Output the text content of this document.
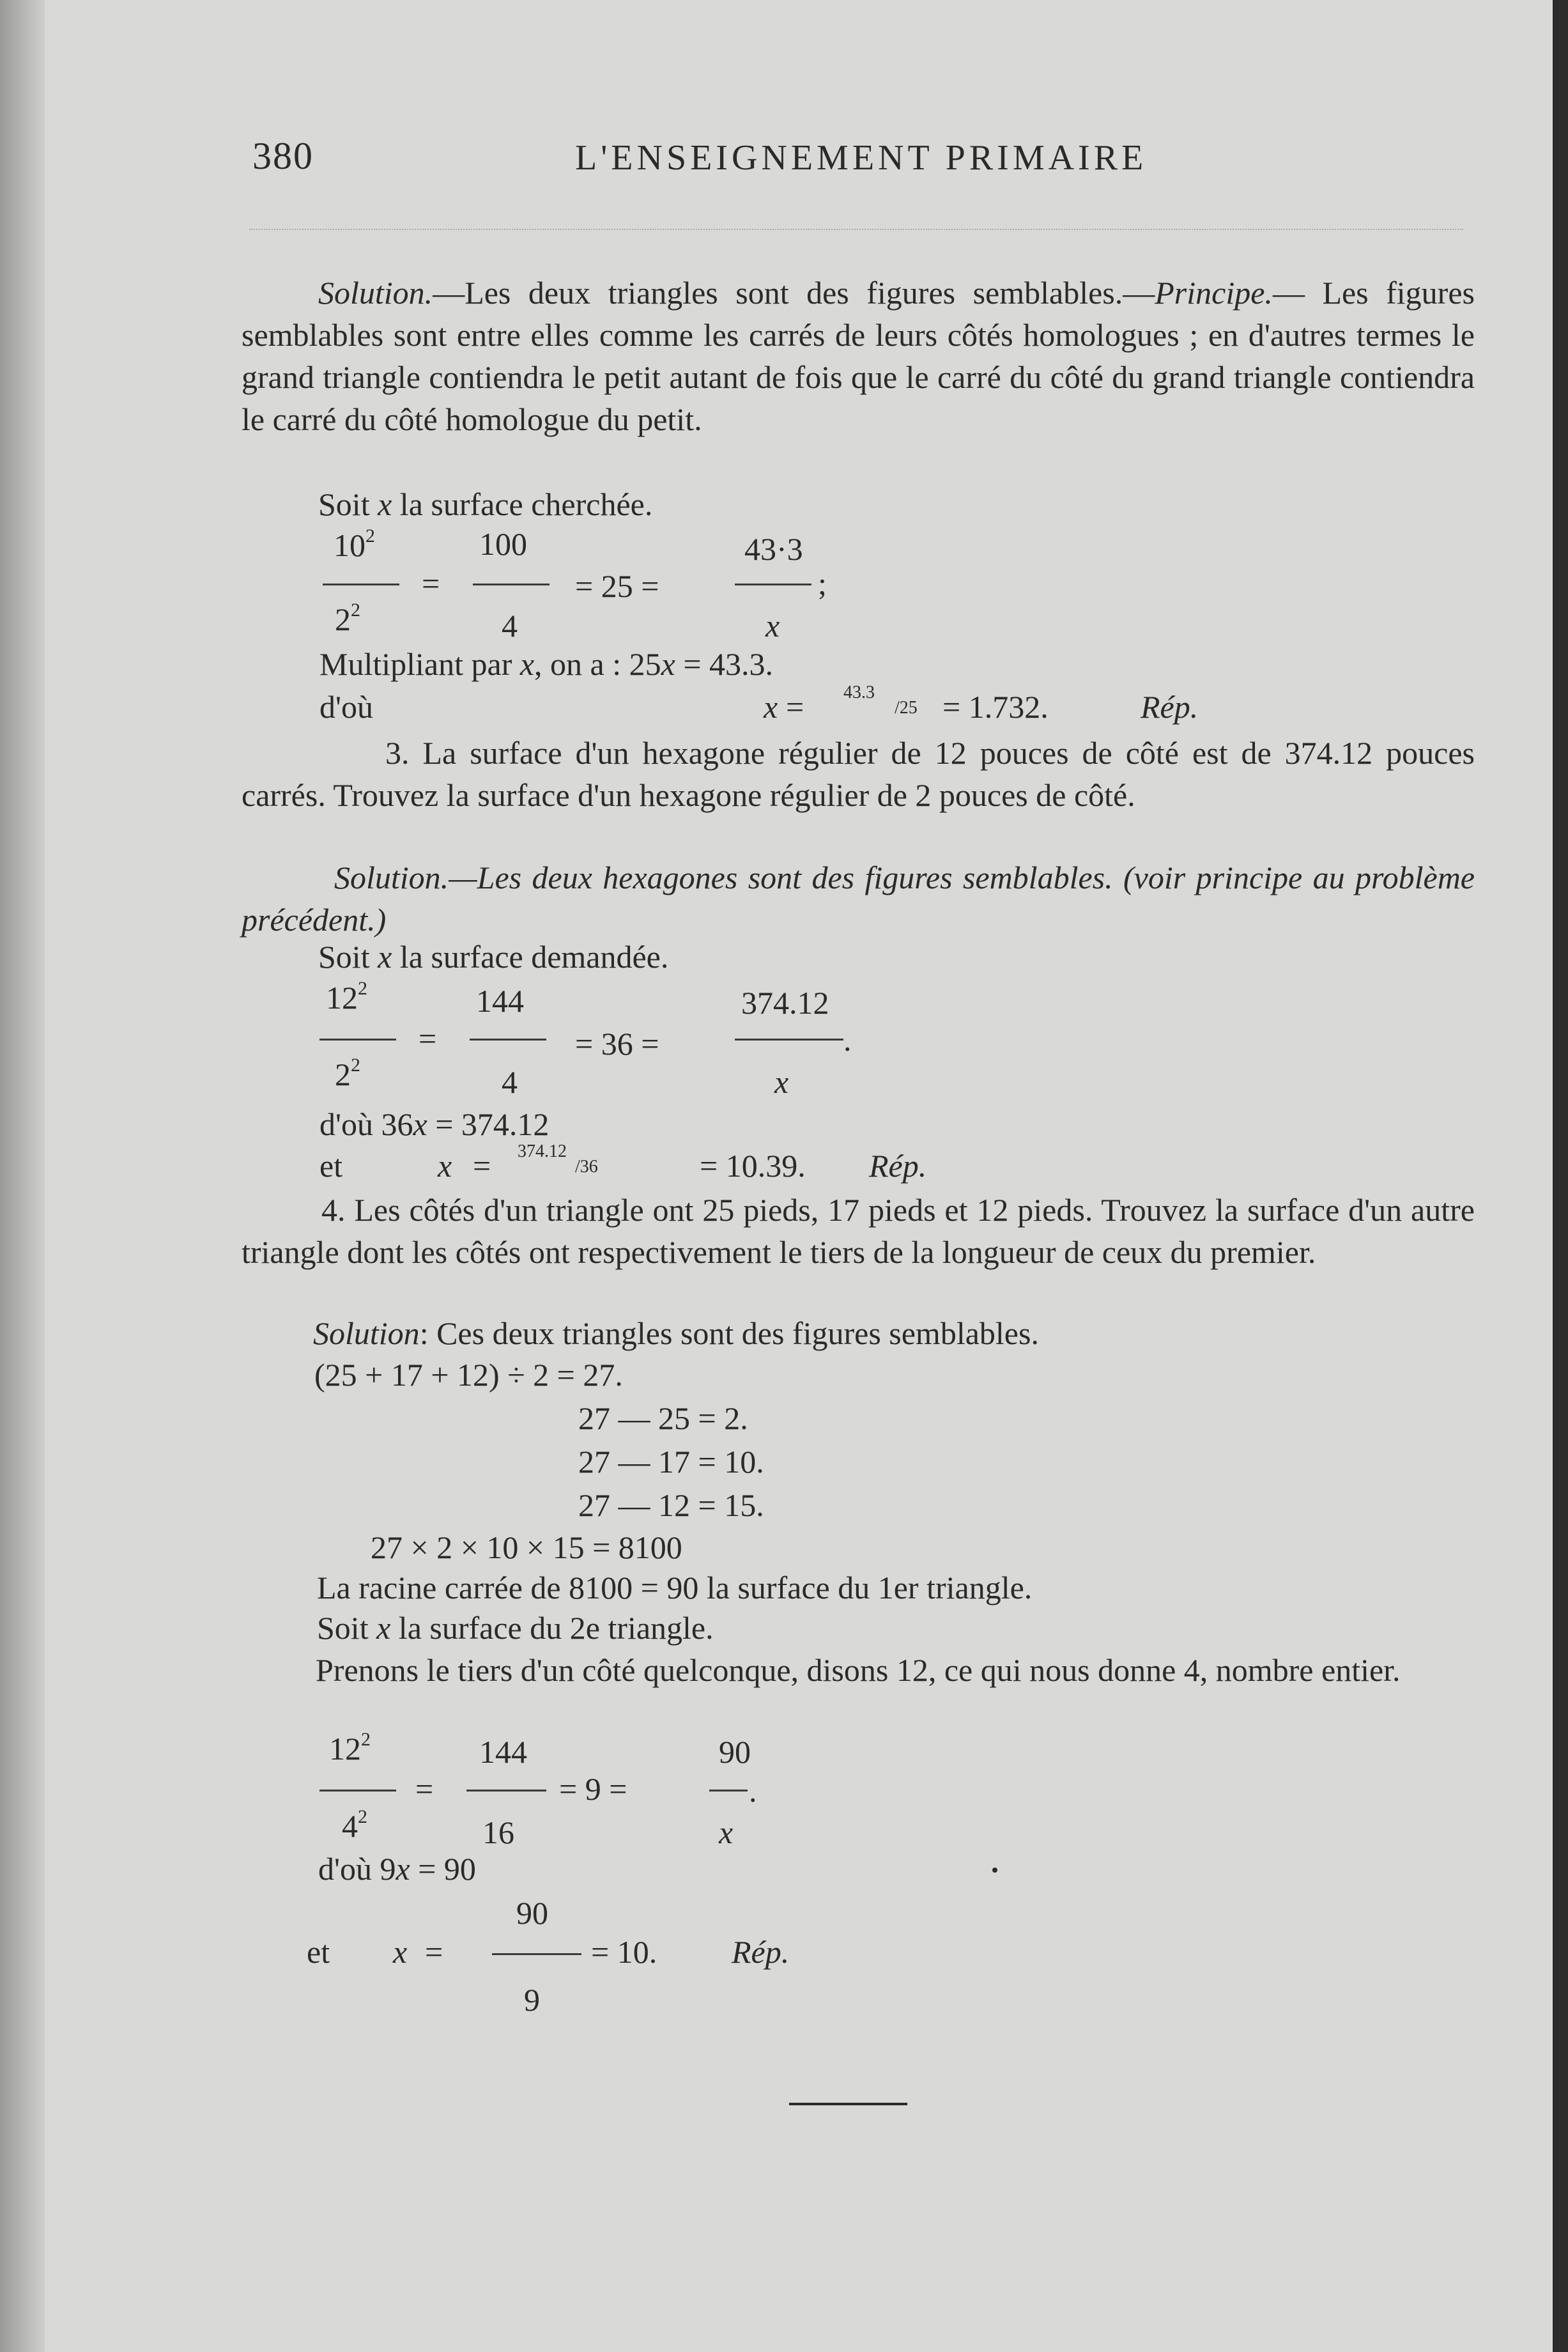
380	L'ENSEIGNEMENT PRIMAIRE
Solution.—Les deux triangles sont des figures semblables.—Principe.— Les figures semblables sont entre elles comme les carrés de leurs côtés homologues ; en d'autres termes le grand triangle contiendra le petit autant de fois que le carré du côté du grand triangle contiendra le carré du côté homologue du petit.
Soit x la surface cherchée.
$10^2$	100	43·3
=	= 25 =	;
$2^2$	4	x
Multipliant par x, on a : 25x = 43.3.
d'où	x = 43.3
/25 = 1.732.	Rép.
3. La surface d'un hexagone régulier de 12 pouces de côté est de 374.12 pouces carrés. Trouvez la surface d'un hexagone régulier de 2 pouces de côté.
Solution.—Les deux hexagones sont des figures semblables. (voir principe au problème précédent.)
Soit x la surface demandée.
$12^2$	144	374.12
=	= 36 =	.
$2^2$	4	x
d'où 36x = 374.12
et	x = 374.12
/36	= 10.39. Rép.
4. Les côtés d'un triangle ont 25 pieds, 17 pieds et 12 pieds. Trouvez la surface d'un autre triangle dont les côtés ont respectivement le tiers de la longueur de ceux du premier.
Solution: Ces deux triangles sont des figures semblables.
(25 + 17 + 12) ÷ 2 = 27.
27 — 25 = 2.
27 — 17 = 10.
27 — 12 = 15.
27 × 2 × 10 × 15 = 8100
La racine carrée de 8100 = 90 la surface du 1er triangle.
Soit x la surface du 2e triangle.
Prenons le tiers d'un côté quelconque, disons 12, ce qui nous donne 4, nombre entier.
$12^2$	144	90
=	= 9 =	.
$4^2$	16	x
d'où 9x = 90
90
et x =	= 10. Rép.
9
